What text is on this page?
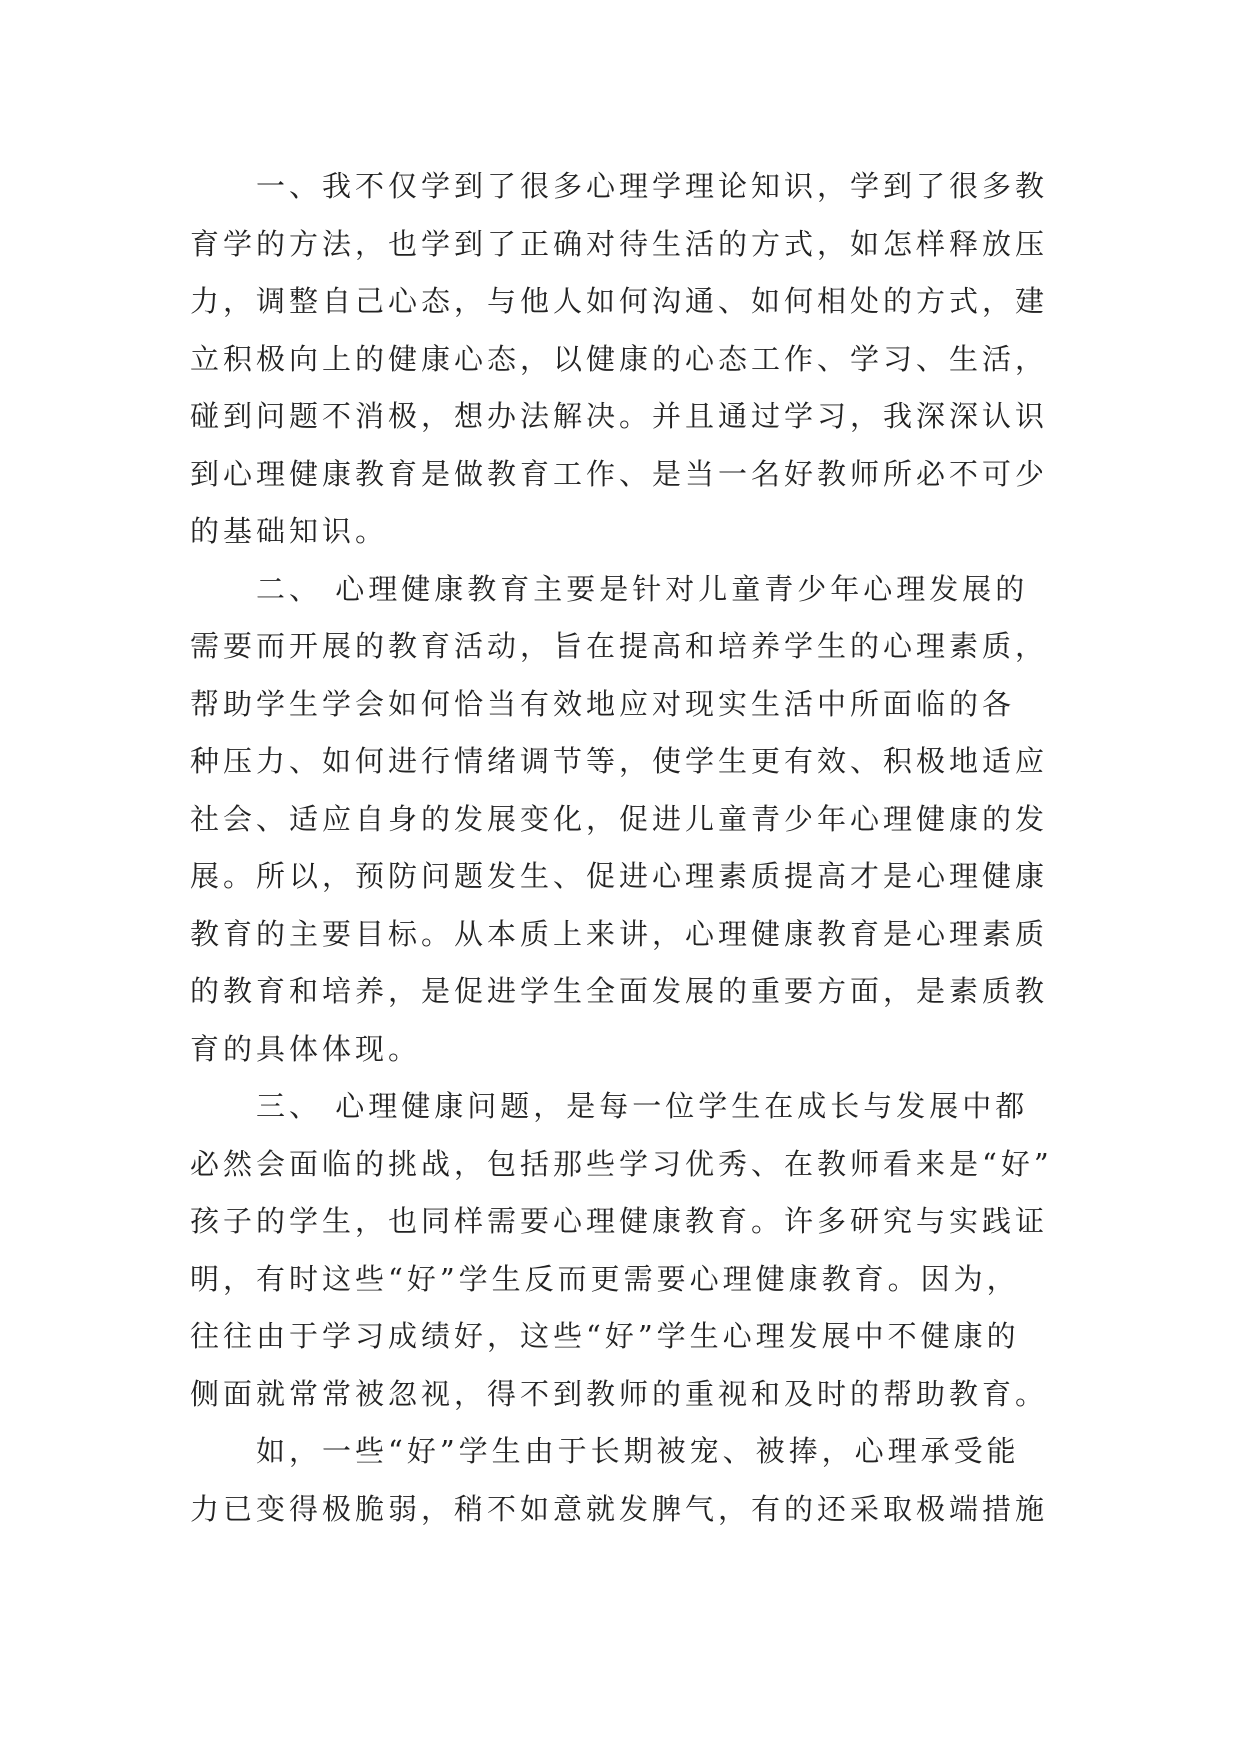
一、我不仅学到了很多心理学理论知识，学到了很多教
育学的方法，也学到了正确对待生活的方式，如怎样释放压
力，调整自己心态，与他人如何沟通、如何相处的方式，建
立积极向上的健康心态，以健康的心态工作、学习、生活，
碰到问题不消极，想办法解决。并且通过学习，我深深认识
到心理健康教育是做教育工作、是当一名好教师所必不可少
的基础知识。

二、 心理健康教育主要是针对儿童青少年心理发展的
需要而开展的教育活动，旨在提高和培养学生的心理素质，
帮助学生学会如何恰当有效地应对现实生活中所面临的各
种压力、如何进行情绪调节等，使学生更有效、积极地适应
社会、适应自身的发展变化，促进儿童青少年心理健康的发
展。所以，预防问题发生、促进心理素质提高才是心理健康
教育的主要目标。从本质上来讲，心理健康教育是心理素质
的教育和培养，是促进学生全面发展的重要方面，是素质教
育的具体体现。

三、 心理健康问题，是每一位学生在成长与发展中都
必然会面临的挑战，包括那些学习优秀、在教师看来是“好”
孩子的学生，也同样需要心理健康教育。许多研究与实践证
明，有时这些“好”学生反而更需要心理健康教育。因为，
往往由于学习成绩好，这些“好”学生心理发展中不健康的
侧面就常常被忽视，得不到教师的重视和及时的帮助教育。

如，一些“好”学生由于长期被宠、被捧，心理承受能
力已变得极脆弱，稍不如意就发脾气，有的还采取极端措施
